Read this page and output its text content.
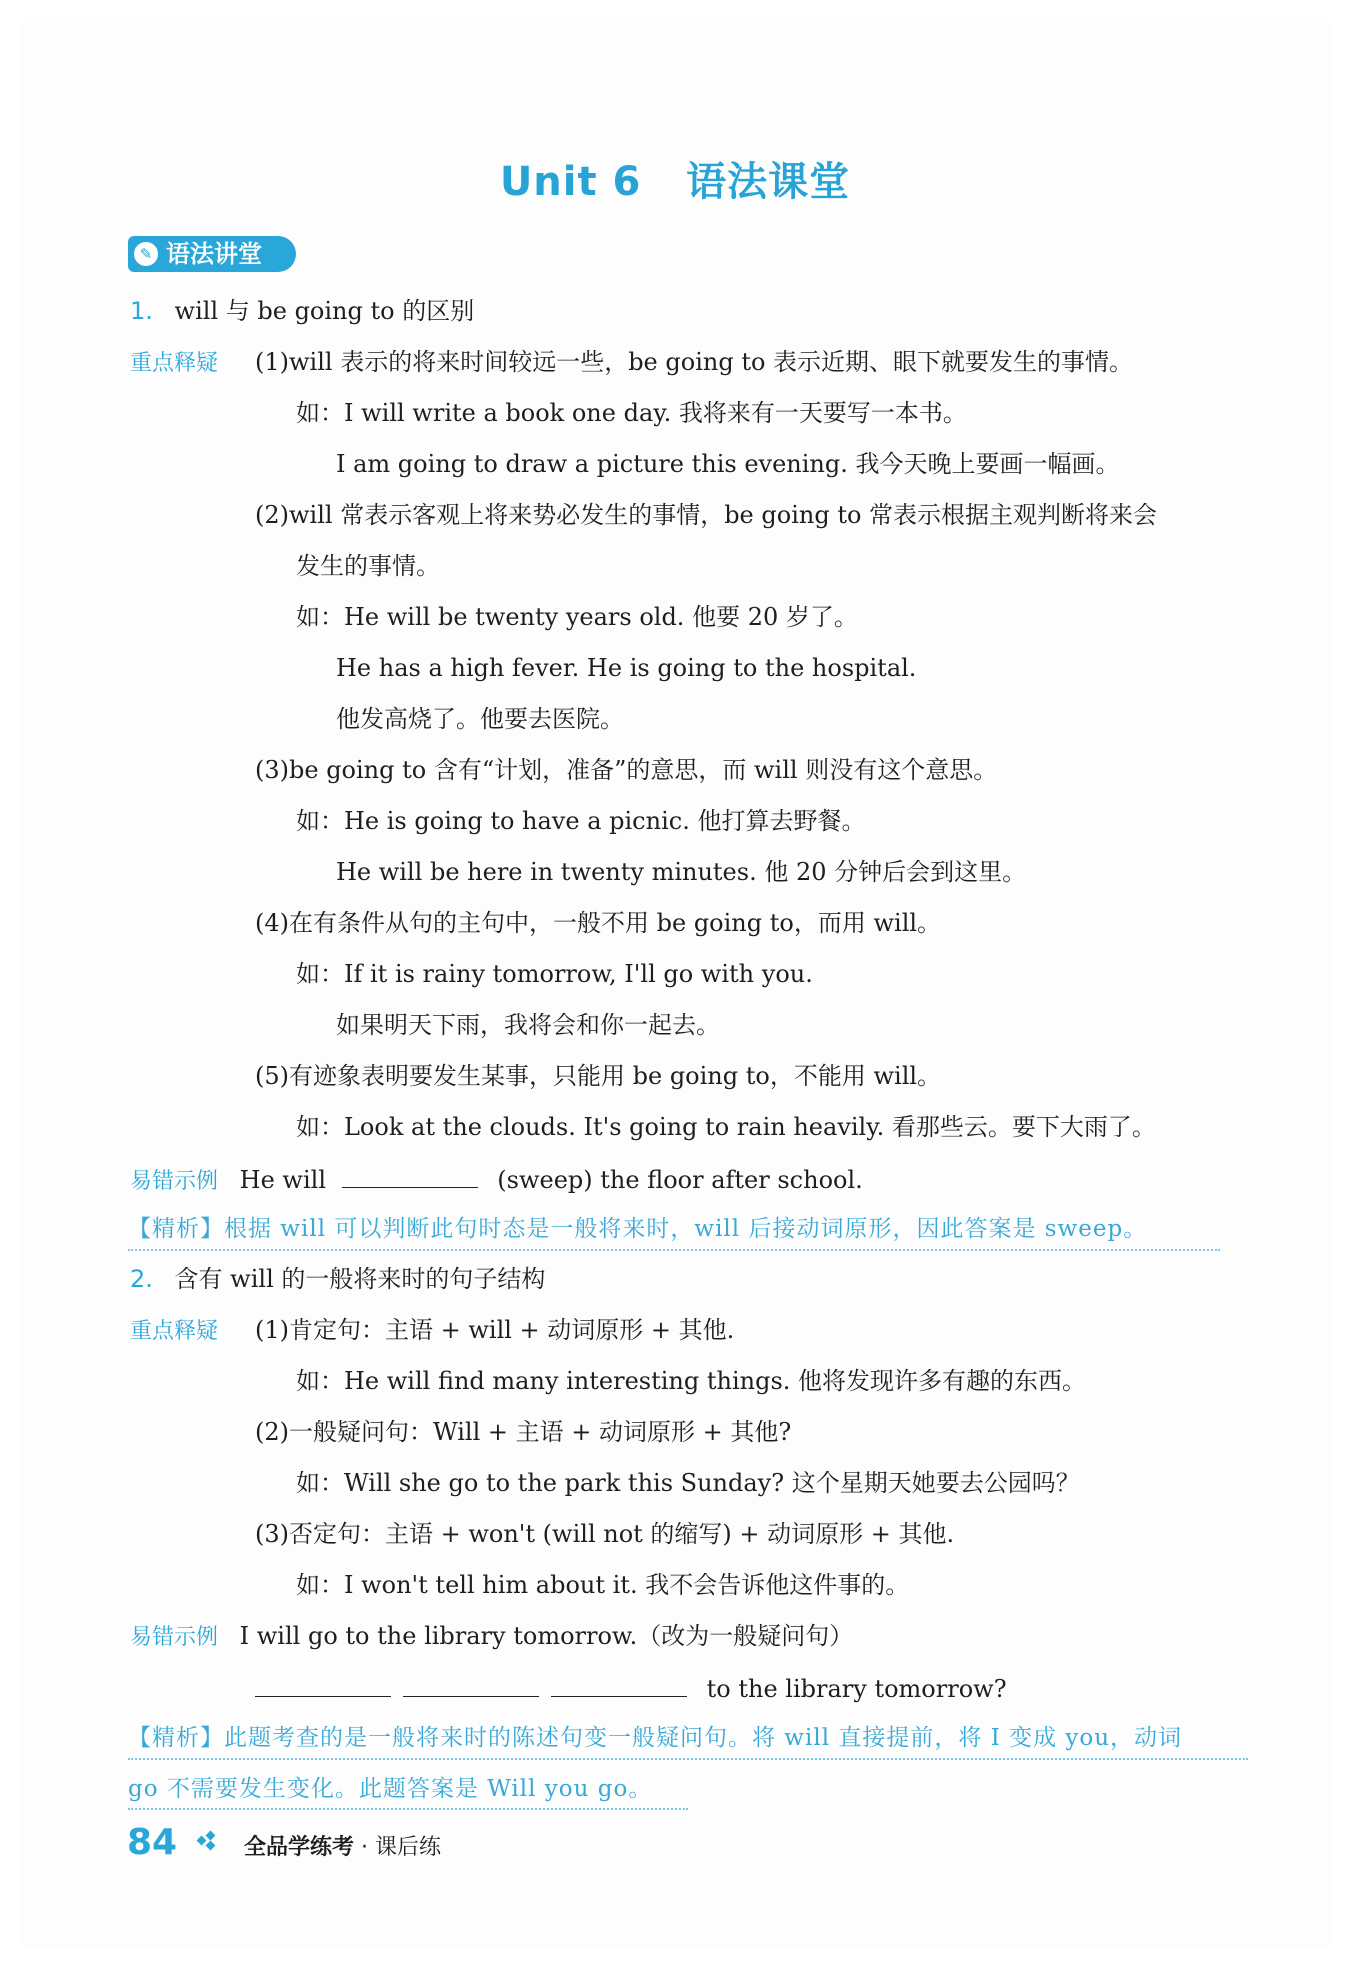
Unit 6   语法课堂
✎ 语法讲堂
1. will 与 be going to 的区别
重点释疑 (1)will 表示的将来时间较远一些，be going to 表示近期、眼下就要发生的事情。
如：I will write a book one day. 我将来有一天要写一本书。
I am going to draw a picture this evening. 我今天晚上要画一幅画。
(2)will 常表示客观上将来势必发生的事情，be going to 常表示根据主观判断将来会
发生的事情。
如：He will be twenty years old. 他要 20 岁了。
He has a high fever. He is going to the hospital.
他发高烧了。他要去医院。
(3)be going to 含有“计划，准备”的意思，而 will 则没有这个意思。
如：He is going to have a picnic. 他打算去野餐。
He will be here in twenty minutes. 他 20 分钟后会到这里。
(4)在有条件从句的主句中，一般不用 be going to，而用 will。
如：If it is rainy tomorrow, I'll go with you.
如果明天下雨，我将会和你一起去。
(5)有迹象表明要发生某事，只能用 be going to，不能用 will。
如：Look at the clouds. It's going to rain heavily. 看那些云。要下大雨了。
易错示例 He will	(sweep) the floor after school.
【精析】根据 will 可以判断此句时态是一般将来时，will 后接动词原形，因此答案是 sweep。
2. 含有 will 的一般将来时的句子结构
重点释疑 (1)肯定句：主语 + will + 动词原形 + 其他.
如：He will find many interesting things. 他将发现许多有趣的东西。
(2)一般疑问句：Will + 主语 + 动词原形 + 其他?
如：Will she go to the park this Sunday? 这个星期天她要去公园吗？
(3)否定句：主语 + won't (will not 的缩写) + 动词原形 + 其他.
如：I won't tell him about it. 我不会告诉他这件事的。
易错示例 I will go to the library tomorrow.（改为一般疑问句）
to the library tomorrow?
【精析】此题考查的是一般将来时的陈述句变一般疑问句。将 will 直接提前，将 I 变成 you，动词
go 不需要发生变化。此题答案是 Will you go。
84	全品学练考 · 课后练
